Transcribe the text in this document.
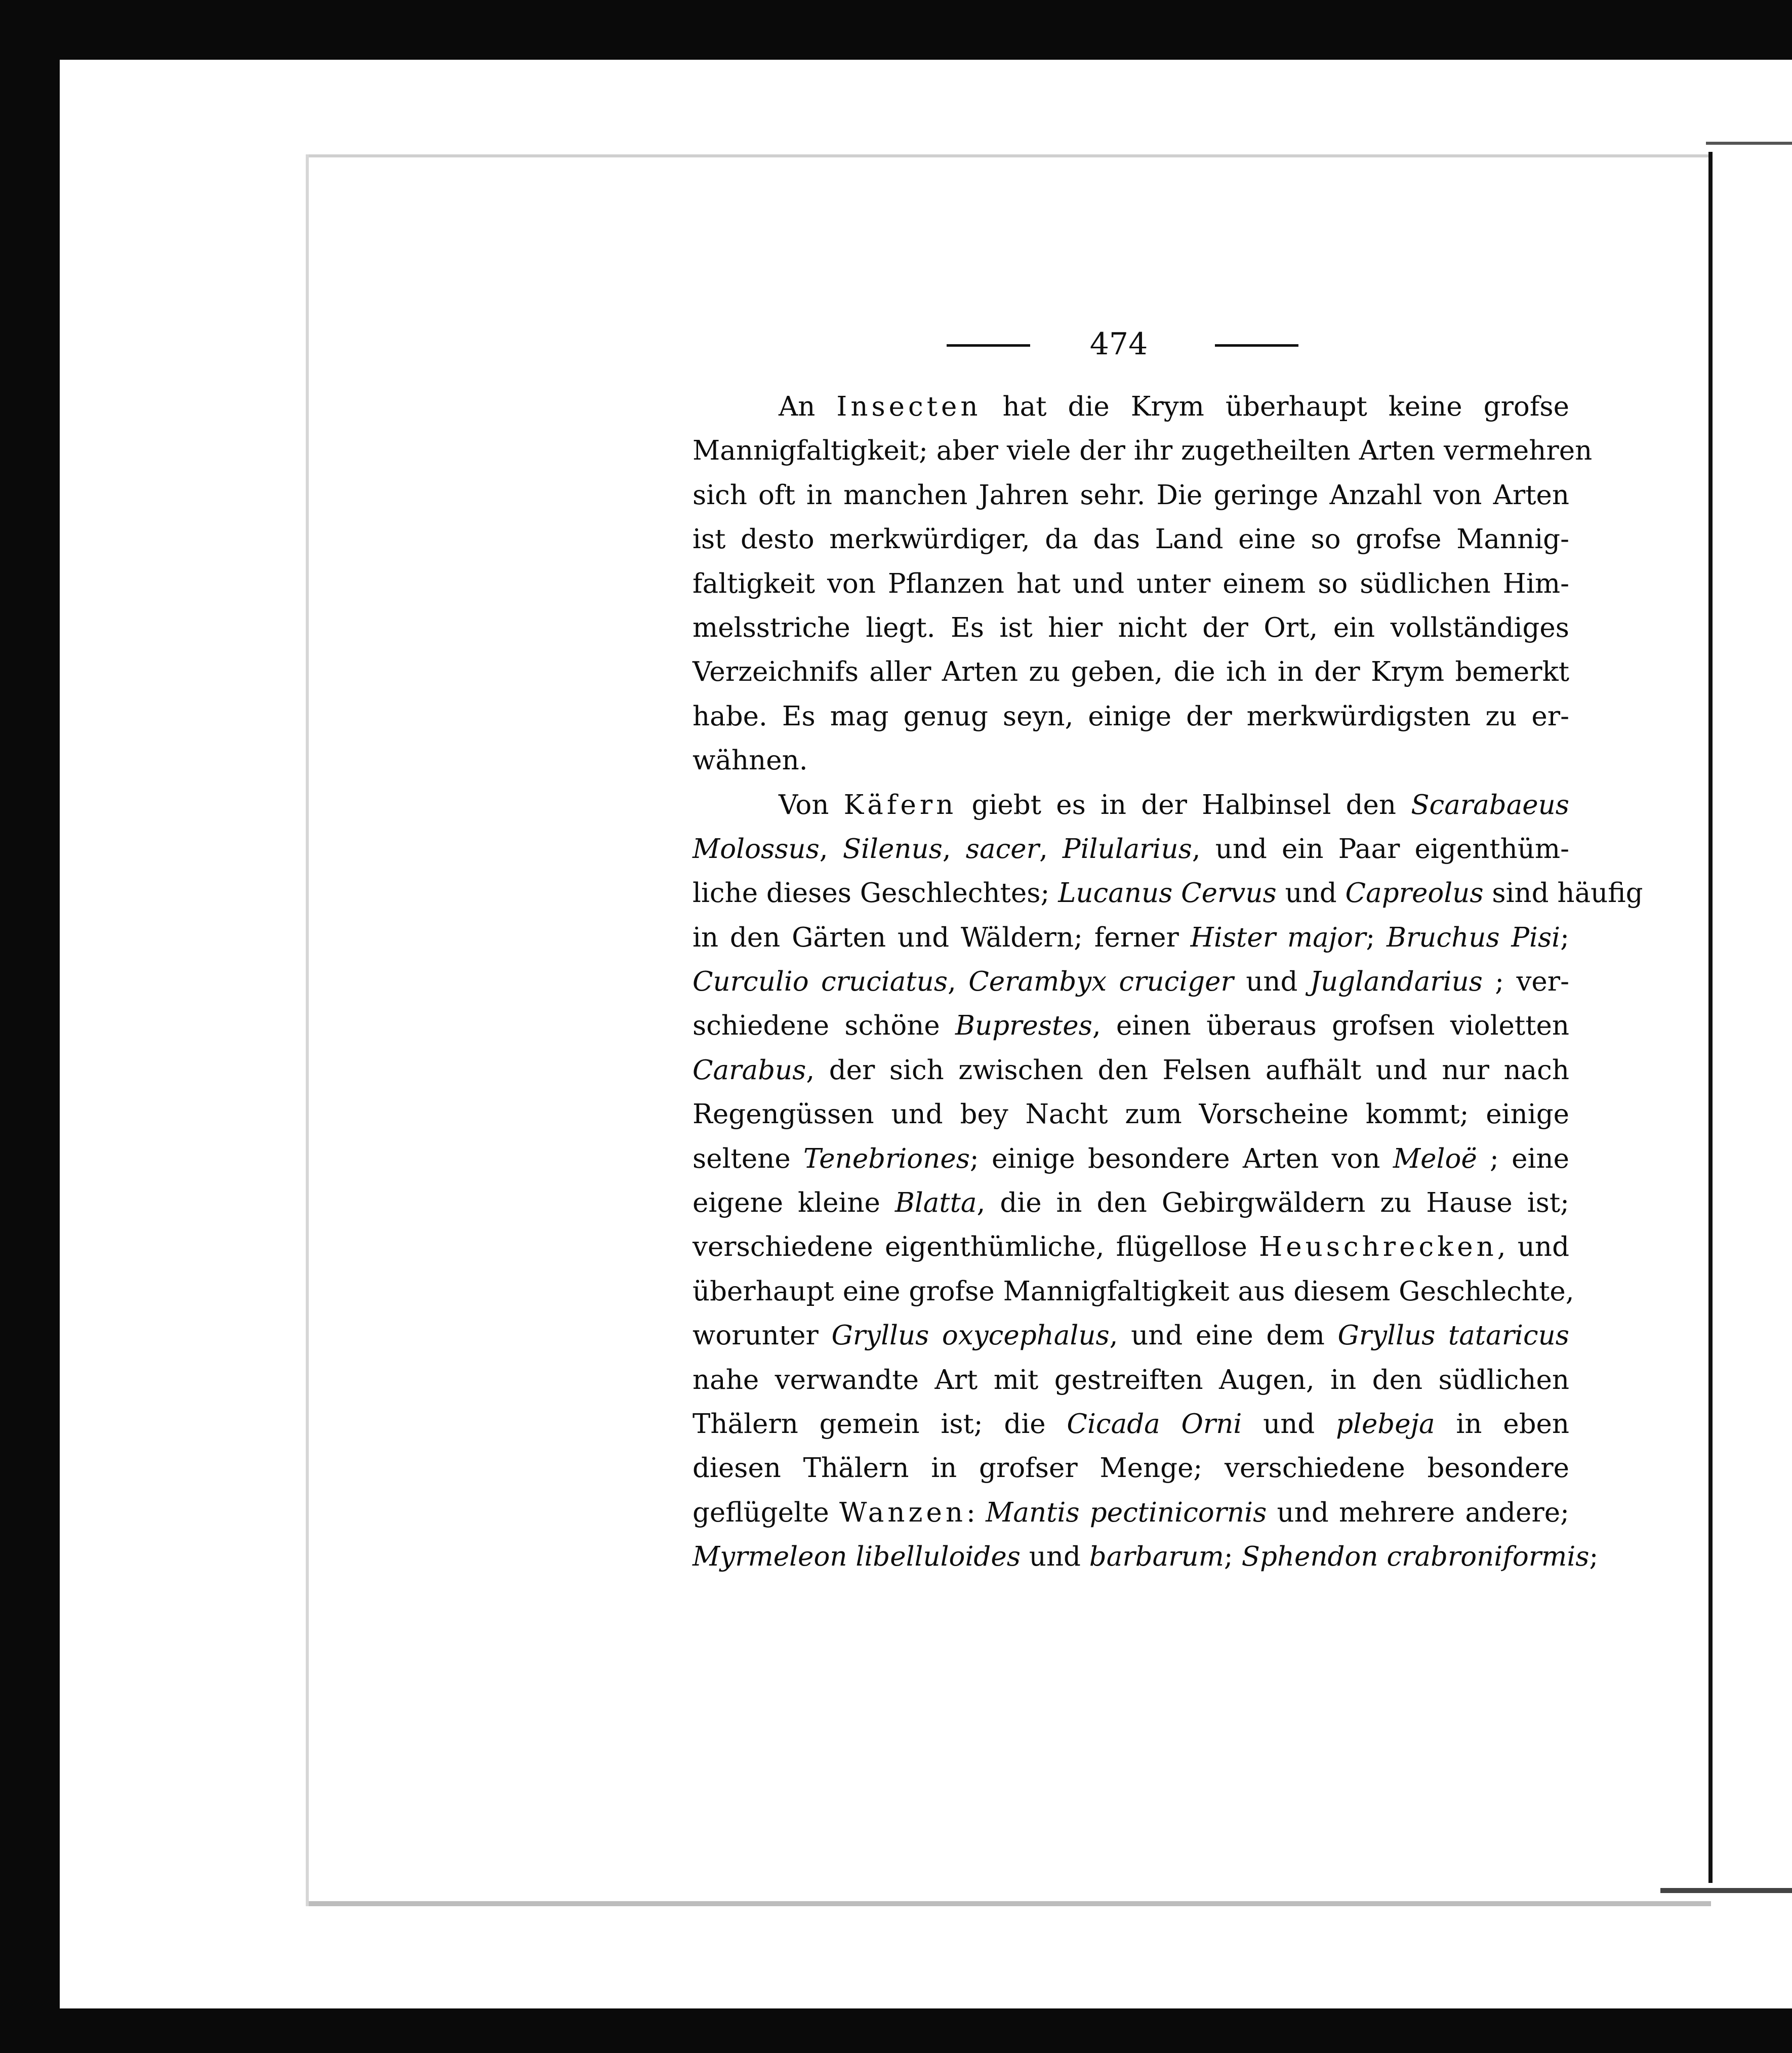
474
An Insecten hat die Krym überhaupt keine grofse
Mannigfaltigkeit; aber viele der ihr zugetheilten Arten vermehren
sich oft in manchen Jahren sehr. Die geringe Anzahl von Arten
ist desto merkwürdiger, da das Land eine so grofse Mannig-
faltigkeit von Pflanzen hat und unter einem so südlichen Him-
melsstriche liegt. Es ist hier nicht der Ort, ein vollständiges
Verzeichnifs aller Arten zu geben, die ich in der Krym bemerkt
habe. Es mag genug seyn, einige der merkwürdigsten zu er-
wähnen.
Von Käfern giebt es in der Halbinsel den Scarabaeus
Molossus, Silenus, sacer, Pilularius, und ein Paar eigenthüm-
liche dieses Geschlechtes; Lucanus Cervus und Capreolus sind häufig
in den Gärten und Wäldern; ferner Hister major; Bruchus Pisi;
Curculio cruciatus, Cerambyx cruciger und Juglandarius ; ver-
schiedene schöne Buprestes, einen überaus grofsen violetten
Carabus, der sich zwischen den Felsen aufhält und nur nach
Regengüssen und bey Nacht zum Vorscheine kommt; einige
seltene Tenebriones; einige besondere Arten von Meloë ; eine
eigene kleine Blatta, die in den Gebirgwäldern zu Hause ist;
verschiedene eigenthümliche, flügellose Heuschrecken, und
überhaupt eine grofse Mannigfaltigkeit aus diesem Geschlechte,
worunter Gryllus oxycephalus, und eine dem Gryllus tataricus
nahe verwandte Art mit gestreiften Augen, in den südlichen
Thälern gemein ist; die Cicada Orni und plebeja in eben
diesen Thälern in grofser Menge; verschiedene besondere
geflügelte Wanzen: Mantis pectinicornis und mehrere andere;
Myrmeleon libelluloides und barbarum; Sphendon crabroniformis;
